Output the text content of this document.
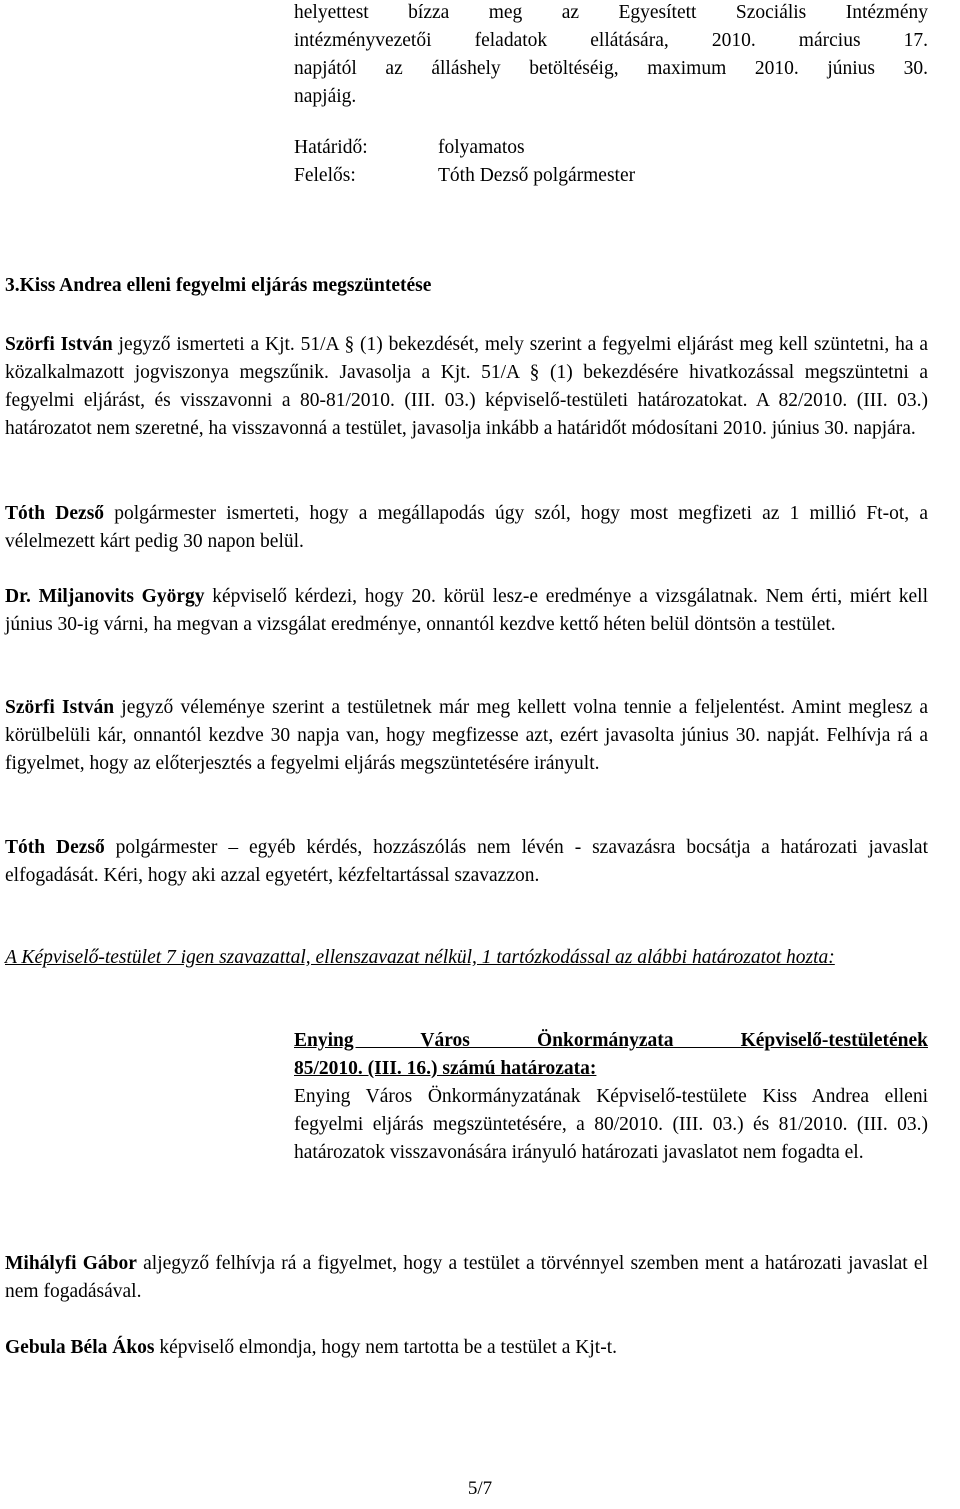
helyettest bízza meg az Egyesített Szociális Intézmény
intézményvezetői feladatok ellátására, 2010. március 17.
napjától az álláshely betöltéséig, maximum 2010. június 30.
napjáig.
Határidő:	folyamatos
Felelős:	Tóth Dezső polgármester
3.Kiss Andrea elleni fegyelmi eljárás megszüntetése
Szörfi István jegyző ismerteti a Kjt. 51/A § (1) bekezdését, mely szerint a fegyelmi eljárást meg kell szüntetni, ha a közalkalmazott jogviszonya megszűnik. Javasolja a Kjt. 51/A § (1) bekezdésére hivatkozással megszüntetni a fegyelmi eljárást, és visszavonni a 80-81/2010. (III. 03.) képviselő-testületi határozatokat. A 82/2010. (III. 03.) határozatot nem szeretné, ha visszavonná a testület, javasolja inkább a határidőt módosítani 2010. június 30. napjára.
Tóth Dezső polgármester ismerteti, hogy a megállapodás úgy szól, hogy most megfizeti az 1 millió Ft-ot, a vélelmezett kárt pedig 30 napon belül.
Dr. Miljanovits György képviselő kérdezi, hogy 20. körül lesz-e eredménye a vizsgálatnak. Nem érti, miért kell június 30-ig várni, ha megvan a vizsgálat eredménye, onnantól kezdve kettő héten belül döntsön a testület.
Szörfi István jegyző véleménye szerint a testületnek már meg kellett volna tennie a feljelentést. Amint meglesz a körülbelüli kár, onnantól kezdve 30 napja van, hogy megfizesse azt, ezért javasolta június 30. napját. Felhívja rá a figyelmet, hogy az előterjesztés a fegyelmi eljárás megszüntetésére irányult.
Tóth Dezső polgármester – egyéb kérdés, hozzászólás nem lévén - szavazásra bocsátja a határozati javaslat elfogadását. Kéri, hogy aki azzal egyetért, kézfeltartással szavazzon.
A Képviselő-testület 7 igen szavazattal, ellenszavazat nélkül, 1 tartózkodással az alábbi határozatot hozta:
Enying Város Önkormányzata Képviselő-testületének
85/2010. (III. 16.) számú határozata:
Enying Város Önkormányzatának Képviselő-testülete Kiss Andrea elleni fegyelmi eljárás megszüntetésére, a 80/2010. (III. 03.) és 81/2010. (III. 03.) határozatok visszavonására irányuló határozati javaslatot nem fogadta el.
Mihályfi Gábor aljegyző felhívja rá a figyelmet, hogy a testület a törvénnyel szemben ment a határozati javaslat el nem fogadásával.
Gebula Béla Ákos képviselő elmondja, hogy nem tartotta be a testület a Kjt-t.
5/7
